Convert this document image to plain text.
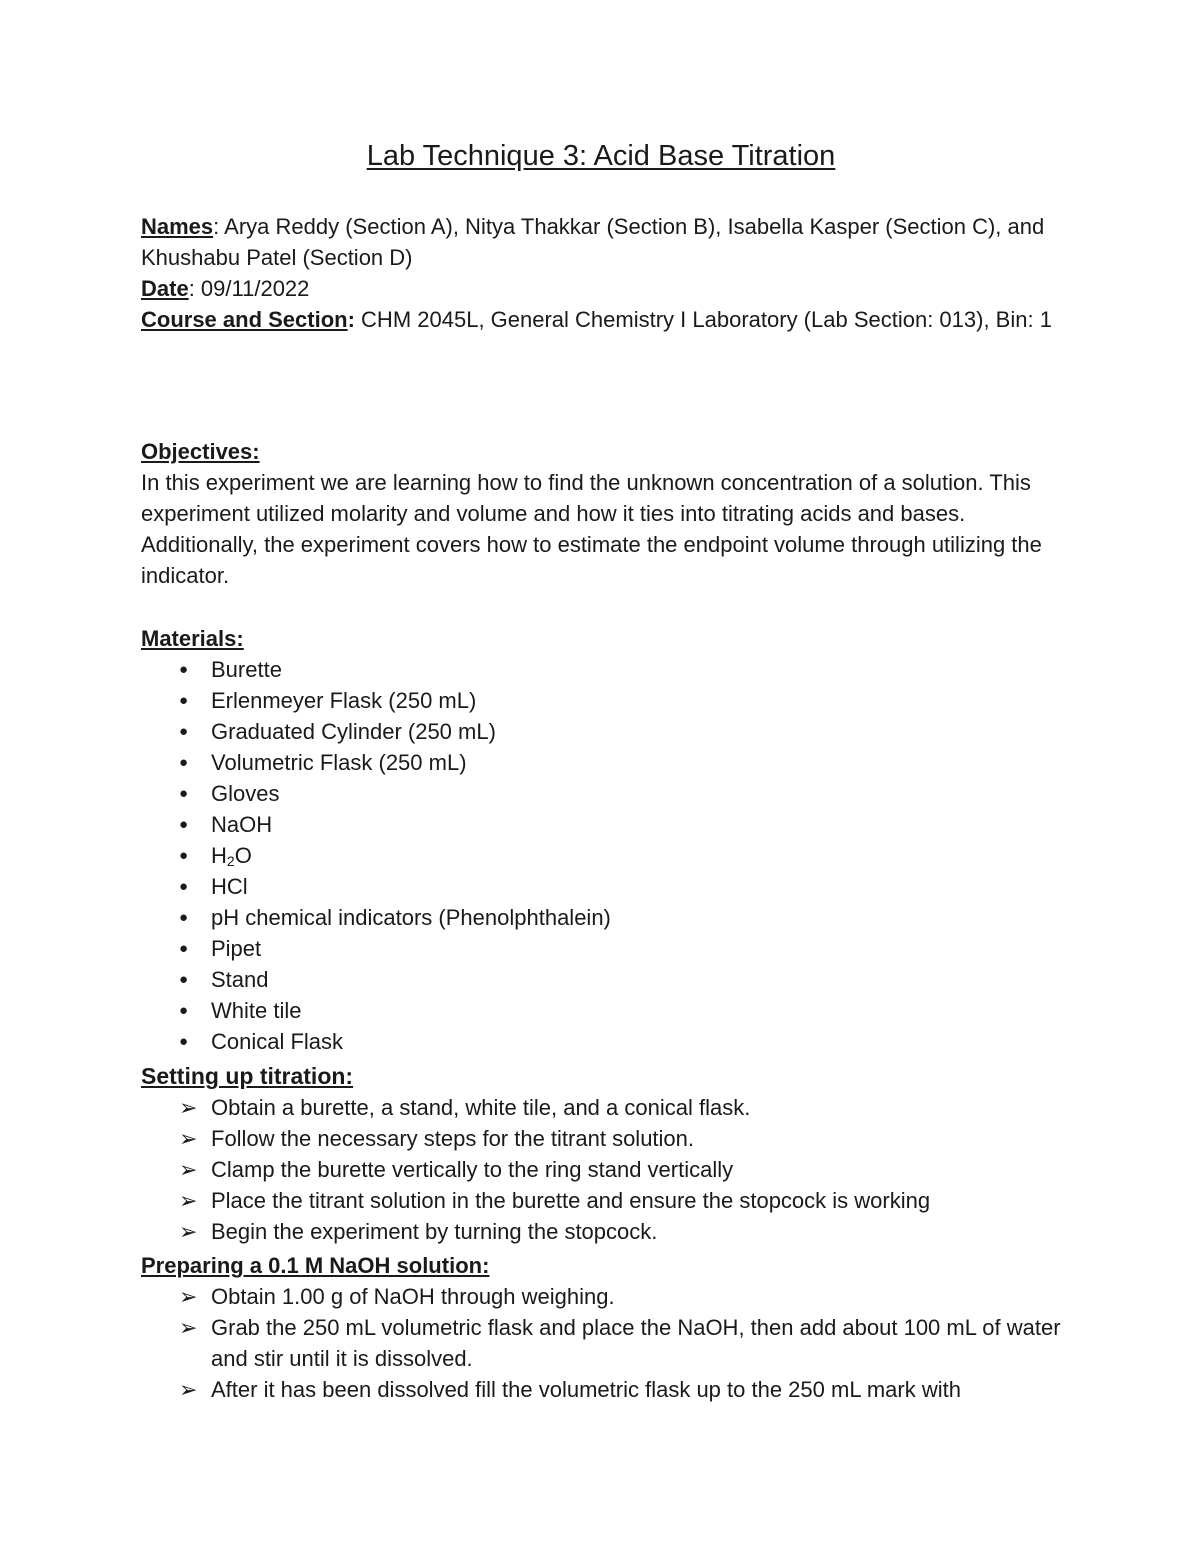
Lab Technique 3: Acid Base Titration
Names: Arya Reddy (Section A), Nitya Thakkar (Section B), Isabella Kasper (Section C), and Khushabu Patel (Section D)
Date: 09/11/2022
Course and Section: CHM 2045L, General Chemistry I Laboratory (Lab Section: 013), Bin: 1
Objectives:
In this experiment we are learning how to find the unknown concentration of a solution. This experiment utilized molarity and volume and how it ties into titrating acids and bases. Additionally, the experiment covers how to estimate the endpoint volume through utilizing the indicator.
Materials:
●	Burette
●	Erlenmeyer Flask (250 mL)
●	Graduated Cylinder (250 mL)
●	Volumetric Flask (250 mL)
●	Gloves
●	NaOH
●	$H_2O$
●	HCl
●	pH chemical indicators (Phenolphthalein)
●	Pipet
●	Stand
●	White tile
●	Conical Flask
Setting up titration:
➢ Obtain a burette, a stand, white tile, and a conical flask.
➢ Follow the necessary steps for the titrant solution.
➢ Clamp the burette vertically to the ring stand vertically
➢ Place the titrant solution in the burette and ensure the stopcock is working
➢ Begin the experiment by turning the stopcock.
Preparing a 0.1 M NaOH solution:
➢ Obtain 1.00 g of NaOH through weighing.
➢ Grab the 250 mL volumetric flask and place the NaOH, then add about 100 mL of water and stir until it is dissolved.
➢ After it has been dissolved fill the volumetric flask up to the 250 mL mark with
